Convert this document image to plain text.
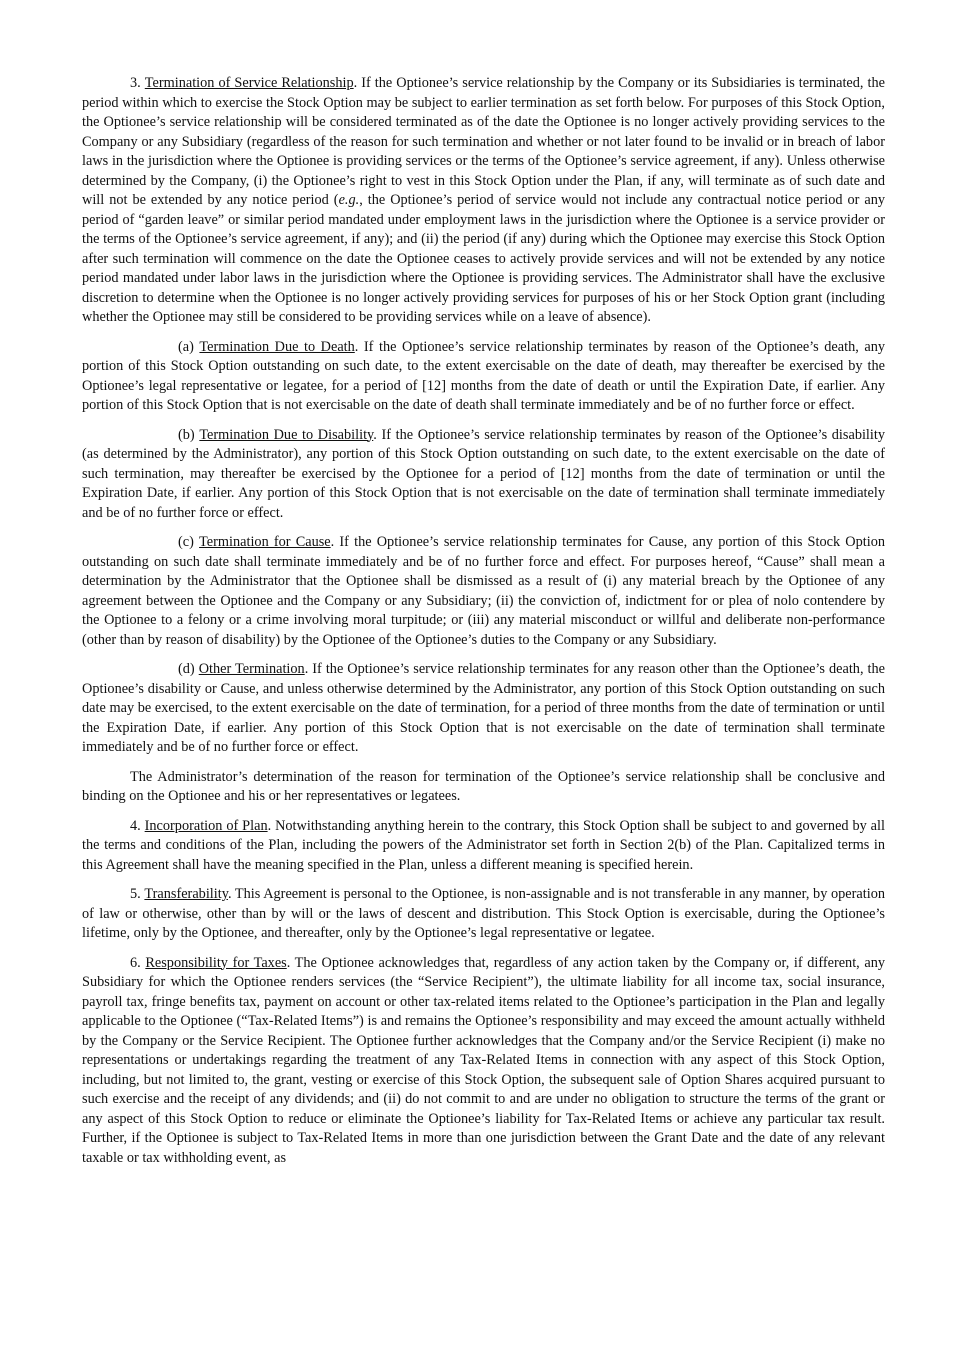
3. Termination of Service Relationship. If the Optionee’s service relationship by the Company or its Subsidiaries is terminated, the period within which to exercise the Stock Option may be subject to earlier termination as set forth below. For purposes of this Stock Option, the Optionee’s service relationship will be considered terminated as of the date the Optionee is no longer actively providing services to the Company or any Subsidiary (regardless of the reason for such termination and whether or not later found to be invalid or in breach of labor laws in the jurisdiction where the Optionee is providing services or the terms of the Optionee’s service agreement, if any). Unless otherwise determined by the Company, (i) the Optionee’s right to vest in this Stock Option under the Plan, if any, will terminate as of such date and will not be extended by any notice period (e.g., the Optionee’s period of service would not include any contractual notice period or any period of “garden leave” or similar period mandated under employment laws in the jurisdiction where the Optionee is a service provider or the terms of the Optionee’s service agreement, if any); and (ii) the period (if any) during which the Optionee may exercise this Stock Option after such termination will commence on the date the Optionee ceases to actively provide services and will not be extended by any notice period mandated under labor laws in the jurisdiction where the Optionee is providing services. The Administrator shall have the exclusive discretion to determine when the Optionee is no longer actively providing services for purposes of his or her Stock Option grant (including whether the Optionee may still be considered to be providing services while on a leave of absence).

(a) Termination Due to Death. If the Optionee’s service relationship terminates by reason of the Optionee’s death, any portion of this Stock Option outstanding on such date, to the extent exercisable on the date of death, may thereafter be exercised by the Optionee’s legal representative or legatee, for a period of [12] months from the date of death or until the Expiration Date, if earlier. Any portion of this Stock Option that is not exercisable on the date of death shall terminate immediately and be of no further force or effect.

(b) Termination Due to Disability. If the Optionee’s service relationship terminates by reason of the Optionee’s disability (as determined by the Administrator), any portion of this Stock Option outstanding on such date, to the extent exercisable on the date of such termination, may thereafter be exercised by the Optionee for a period of [12] months from the date of termination or until the Expiration Date, if earlier. Any portion of this Stock Option that is not exercisable on the date of termination shall terminate immediately and be of no further force or effect.

(c) Termination for Cause. If the Optionee’s service relationship terminates for Cause, any portion of this Stock Option outstanding on such date shall terminate immediately and be of no further force and effect. For purposes hereof, “Cause” shall mean a determination by the Administrator that the Optionee shall be dismissed as a result of (i) any material breach by the Optionee of any agreement between the Optionee and the Company or any Subsidiary; (ii) the conviction of, indictment for or plea of nolo contendere by the Optionee to a felony or a crime involving moral turpitude; or (iii) any material misconduct or willful and deliberate non-performance (other than by reason of disability) by the Optionee of the Optionee’s duties to the Company or any Subsidiary.

(d) Other Termination. If the Optionee’s service relationship terminates for any reason other than the Optionee’s death, the Optionee’s disability or Cause, and unless otherwise determined by the Administrator, any portion of this Stock Option outstanding on such date may be exercised, to the extent exercisable on the date of termination, for a period of three months from the date of termination or until the Expiration Date, if earlier. Any portion of this Stock Option that is not exercisable on the date of termination shall terminate immediately and be of no further force or effect.

The Administrator’s determination of the reason for termination of the Optionee’s service relationship shall be conclusive and binding on the Optionee and his or her representatives or legatees.

4. Incorporation of Plan. Notwithstanding anything herein to the contrary, this Stock Option shall be subject to and governed by all the terms and conditions of the Plan, including the powers of the Administrator set forth in Section 2(b) of the Plan. Capitalized terms in this Agreement shall have the meaning specified in the Plan, unless a different meaning is specified herein.

5. Transferability. This Agreement is personal to the Optionee, is non-assignable and is not transferable in any manner, by operation of law or otherwise, other than by will or the laws of descent and distribution. This Stock Option is exercisable, during the Optionee’s lifetime, only by the Optionee, and thereafter, only by the Optionee’s legal representative or legatee.

6. Responsibility for Taxes. The Optionee acknowledges that, regardless of any action taken by the Company or, if different, any Subsidiary for which the Optionee renders services (the “Service Recipient”), the ultimate liability for all income tax, social insurance, payroll tax, fringe benefits tax, payment on account or other tax-related items related to the Optionee’s participation in the Plan and legally applicable to the Optionee (“Tax-Related Items”) is and remains the Optionee’s responsibility and may exceed the amount actually withheld by the Company or the Service Recipient. The Optionee further acknowledges that the Company and/or the Service Recipient (i) make no representations or undertakings regarding the treatment of any Tax-Related Items in connection with any aspect of this Stock Option, including, but not limited to, the grant, vesting or exercise of this Stock Option, the subsequent sale of Option Shares acquired pursuant to such exercise and the receipt of any dividends; and (ii) do not commit to and are under no obligation to structure the terms of the grant or any aspect of this Stock Option to reduce or eliminate the Optionee’s liability for Tax-Related Items or achieve any particular tax result. Further, if the Optionee is subject to Tax-Related Items in more than one jurisdiction between the Grant Date and the date of any relevant taxable or tax withholding event, as
